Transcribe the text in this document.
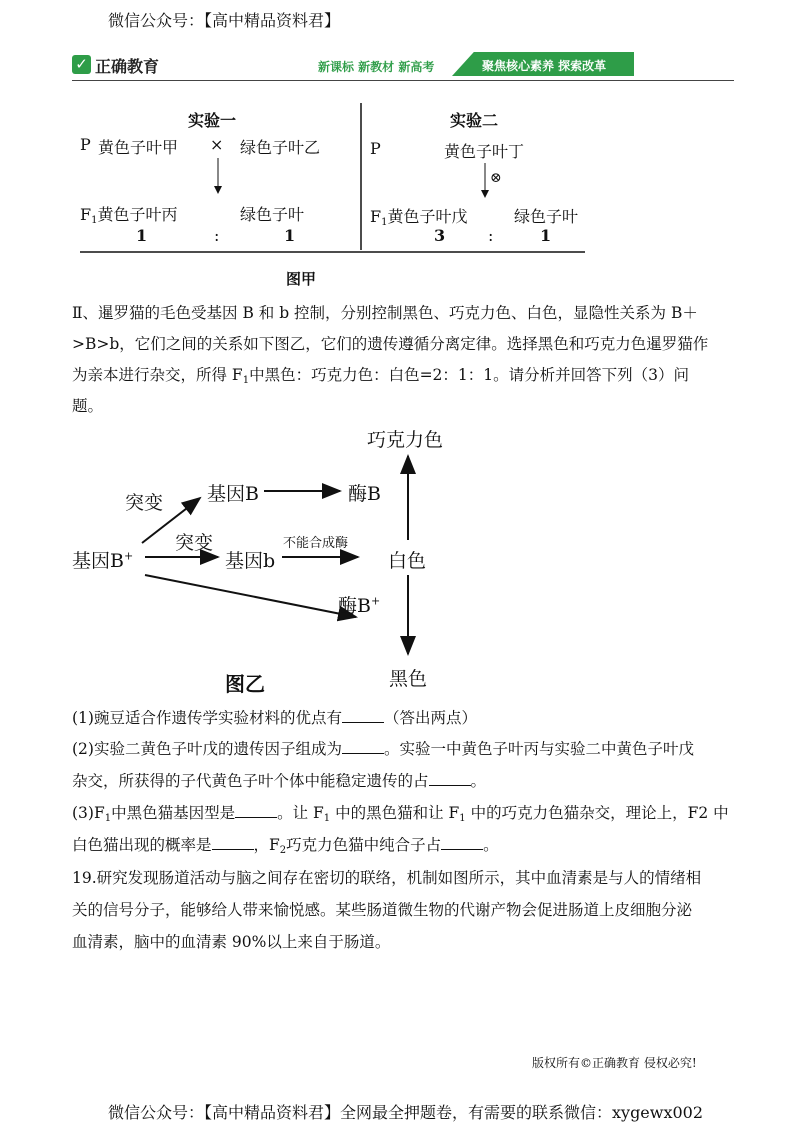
微信公众号：【高中精品资料君】
✓ 正确教育	新课标 新教材 新高考	聚焦核心素养 探索改革
实验一
P 黄色子叶甲 × 绿色子叶乙
$F_1$黄色子叶丙	绿色子叶
1	:	1
实验二
P	黄色子叶丁
⊗
$F_1$黄色子叶戊	绿色子叶
3	:	1
图甲
Ⅱ、暹罗猫的毛色受基因 B 和 b 控制，分别控制黑色、巧克力色、白色，显隐性关系为 B＋
>B>b，它们之间的关系如下图乙，它们的遗传遵循分离定律。选择黑色和巧克力色暹罗猫作
为亲本进行杂交，所得 $F_1$中黑色：巧克力色：白色=2：1：1。请分析并回答下列（3）问
题。
巧克力色
突变 基因B	酶B
突变
基因B+	基因b
不能合成酶
白色
酶B+
图乙	黑色
(1)豌豆适合作遗传学实验材料的优点有	（答出两点）
(2)实验二黄色子叶戊的遗传因子组成为	。实验一中黄色子叶丙与实验二中黄色子叶戊
杂交，所获得的子代黄色子叶个体中能稳定遗传的占	。
$(3)F_1$中黑色猫基因型是	。让 $F_1$ 中的黑色猫和让 $F_1$ 中的巧克力色猫杂交，理论上，F2 中
白色猫出现的概率是	，$F_2$巧克力色猫中纯合子占	。
19.研究发现肠道活动与脑之间存在密切的联络，机制如图所示，其中血清素是与人的情绪相
关的信号分子，能够给人带来愉悦感。某些肠道微生物的代谢产物会促进肠道上皮细胞分泌
血清素，脑中的血清素 90%以上来自于肠道。
版权所有©正确教育 侵权必究!
微信公众号：【高中精品资料君】全网最全押题卷，有需要的联系微信：xygewx002
